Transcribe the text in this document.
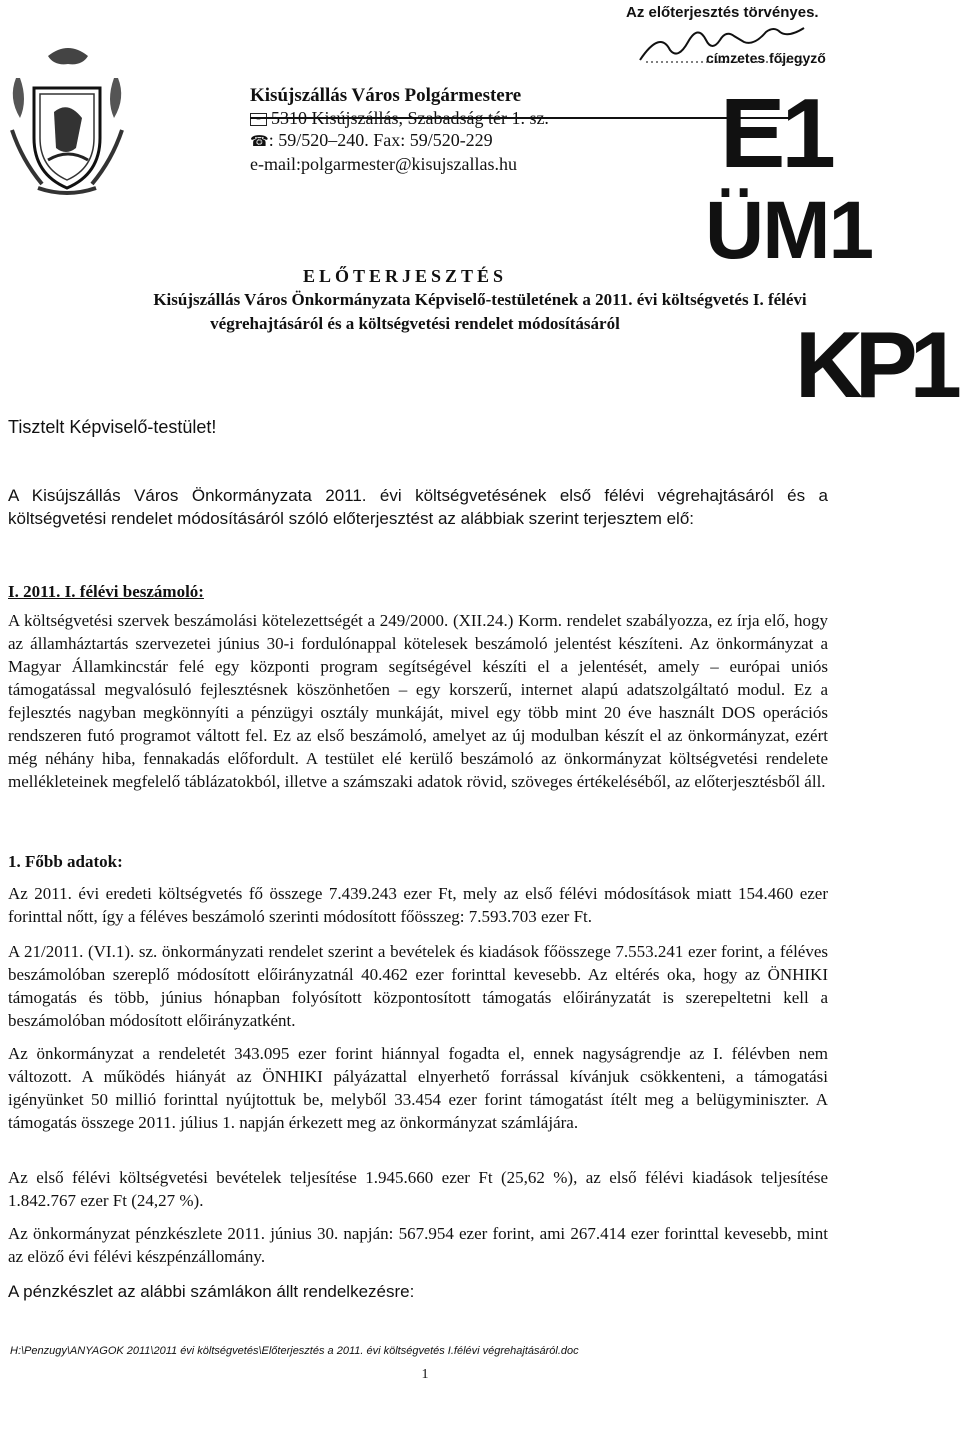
Az előterjesztés törvényes.
címzetes főjegyző
Kisújszállás Város Polgármestere
≡ 5310 Kisújszállás, Szabadság tér 1. sz.
☎: 59/520–240. Fax: 59/520-229
e-mail:polgarmester@kisujszallas.hu	E1
ÜM1
KP1
ELŐTERJESZTÉS
Kisújszállás Város Önkormányzata Képviselő-testületének a 2011. évi költségvetés I. félévi
végrehajtásáról és a költségvetési rendelet módosításáról
Tisztelt Képviselő-testület!
A Kisújszállás Város Önkormányzata 2011. évi költségvetésének első félévi végrehajtásáról és a költségvetési rendelet módosításáról szóló előterjesztést az alábbiak szerint terjesztem elő:
I. 2011. I. félévi beszámoló:
A költségvetési szervek beszámolási kötelezettségét a 249/2000. (XII.24.) Korm. rendelet szabályozza, ez írja elő, hogy az államháztartás szervezetei június 30-i fordulónappal kötelesek beszámoló jelentést készíteni. Az önkormányzat a Magyar Államkincstár felé egy központi program segítségével készíti el a jelentését, amely – európai uniós támogatással megvalósuló fejlesztésnek köszönhetően – egy korszerű, internet alapú adatszolgáltató modul. Ez a fejlesztés nagyban megkönnyíti a pénzügyi osztály munkáját, mivel egy több mint 20 éve használt DOS operációs rendszeren futó programot váltott fel. Ez az első beszámoló, amelyet az új modulban készít el az önkormányzat, ezért még néhány hiba, fennakadás előfordult. A testület elé kerülő beszámoló az önkormányzat költségvetési rendelete mellékleteinek megfelelő táblázatokból, illetve a számszaki adatok rövid, szöveges értékeléséből, az előterjesztésből áll.
1. Főbb adatok:
Az 2011. évi eredeti költségvetés fő összege 7.439.243 ezer Ft, mely az első félévi módosítások miatt 154.460 ezer forinttal nőtt, így a féléves beszámoló szerinti módosított főösszeg: 7.593.703 ezer Ft.
A 21/2011. (VI.1). sz. önkormányzati rendelet szerint a bevételek és kiadások főösszege 7.553.241 ezer forint, a féléves beszámolóban szereplő módosított előirányzatnál 40.462 ezer forinttal kevesebb. Az eltérés oka, hogy az ÖNHIKI támogatás és több, június hónapban folyósított központosított támogatás előirányzatát is szerepeltetni kell a beszámolóban módosított előirányzatként.
Az önkormányzat a rendeletét 343.095 ezer forint hiánnyal fogadta el, ennek nagyságrendje az I. félévben nem változott. A működés hiányát az ÖNHIKI pályázattal elnyerhető forrással kívánjuk csökkenteni, a támogatási igényünket 50 millió forinttal nyújtottuk be, melyből 33.454 ezer forint támogatást ítélt meg a belügyminiszter. A támogatás összege 2011. július 1. napján érkezett meg az önkormányzat számlájára.
Az első félévi költségvetési bevételek teljesítése 1.945.660 ezer Ft (25,62 %), az első félévi kiadások teljesítése 1.842.767 ezer Ft (24,27 %).
Az önkormányzat pénzkészlete 2011. június 30. napján: 567.954 ezer forint, ami 267.414 ezer forinttal kevesebb, mint az elöző évi félévi készpénzállomány.
A pénzkészlet az alábbi számlákon állt rendelkezésre:
H:\Penzugy\ANYAGOK 2011\2011 évi költségvetés\Előterjesztés a 2011. évi költségvetés I.félévi végrehajtásáról.doc
1
